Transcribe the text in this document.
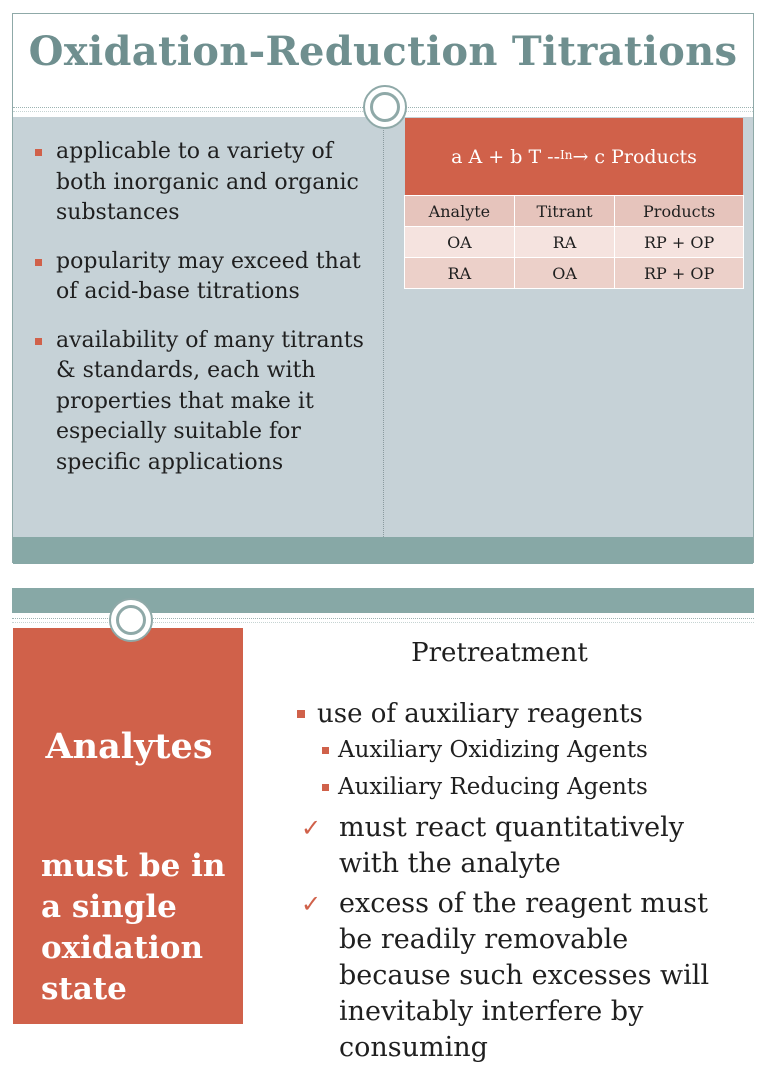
Oxidation-Reduction Titrations
applicable to a variety of both inorganic and organic substances
popularity may exceed that of acid-base titrations
availability of many titrants & standards, each with properties that make it especially suitable for specific applications
a A + b T --$^{In}$ → c Products
Analyte	Titrant	Products
OA	RA	RP + OP
RA	OA	RP + OP
Analytes
must be in a single oxidation state
Pretreatment
use of auxiliary reagents
Auxiliary Oxidizing Agents
Auxiliary Reducing Agents
✓ must react quantitatively with the analyte
✓ excess of the reagent must be readily removable because such excesses will inevitably interfere by consuming
